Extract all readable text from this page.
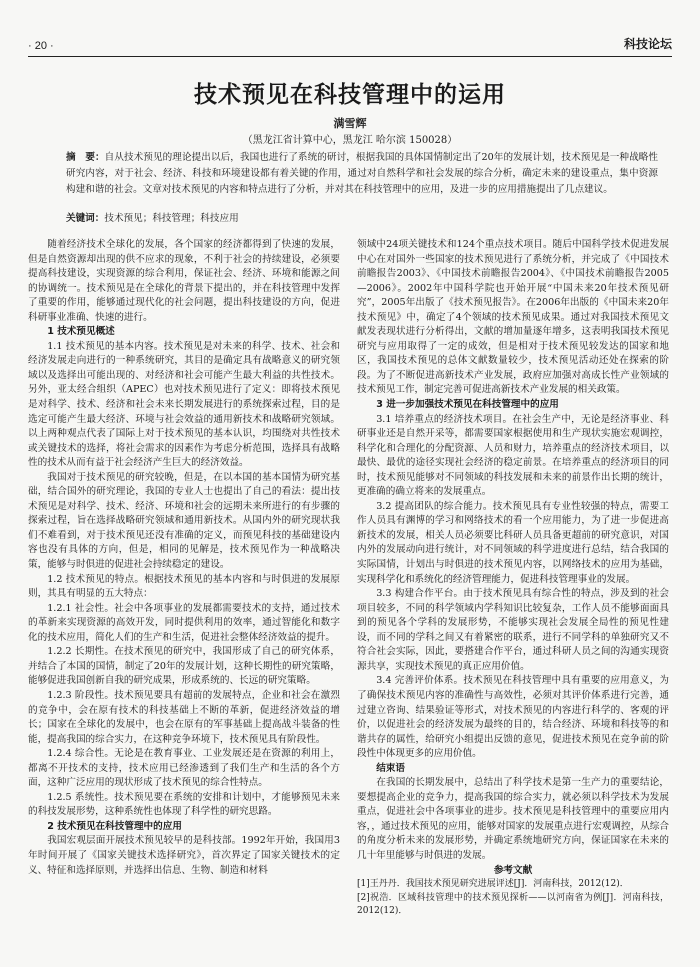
· 20 ·	科技论坛
技术预见在科技管理中的运用
满雪辉
（黑龙江省计算中心，黑龙江 哈尔滨 150028）
摘　要：自从技术预见的理论提出以后，我国也进行了系统的研讨，根据我国的具体国情制定出了20年的发展计划，技术预见是一种战略性研究内容，对于社会、经济、科技和环境建设都有着关键的作用，通过对自然科学和社会发展的综合分析，确定未来的建设重点，集中资源构建和谐的社会。文章对技术预见的内容和特点进行了分析，并对其在科技管理中的应用，及进一步的应用措施提出了几点建议。
关键词：技术预见；科技管理；科技应用

随着经济技术全球化的发展，各个国家的经济都得到了快速的发展，但是自然资源却出现的供不应求的现象，不利于社会的持续建设，必须要提高科技建设，实现资源的综合利用，保证社会、经济、环境和能源之间的协调统一。技术预见是在全球化的背景下提出的，并在科技管理中发挥了重要的作用，能够通过现代化的社会问题，提出科技建设的方向，促进科研事业准确、快速的进行。

1 技术预见概述

1.1 技术预见的基本内容。技术预见是对未来的科学、技术、社会和经济发展走向进行的一种系统研究，其目的是确定具有战略意义的研究领域以及选择出可能出现的、对经济和社会可能产生最大利益的共性技术。另外，亚太经合组织（APEC）也对技术预见进行了定义：即将技术预见是对科学、技术、经济和社会未来长期发展进行的系统探索过程，目的是选定可能产生最大经济、环境与社会效益的通用新技术和战略研究领域。以上两种观点代表了国际上对于技术预见的基本认识，均围绕对共性技术或关键技术的选择，将社会需求的因素作为考虑分析范围，选择具有战略性的技术从而有益于社会经济产生巨大的经济效益。

我国对于技术预见的研究较晚，但是，在以本国的基本国情为研究基础，结合国外的研究理论，我国的专业人士也提出了自己的看法：提出技术预见是对科学、技术、经济、环境和社会的远期未来所进行的有步骤的探索过程，旨在选择战略研究领域和通用新技术。从国内外的研究现状我们不难看到，对于技术预见还没有准确的定义，而预见科技的基础建设内容也没有具体的方向，但是，相同的见解是，技术预见作为一种战略决策，能够与时俱进的促进社会持续稳定的建设。

1.2 技术预见的特点。根据技术预见的基本内容和与时俱进的发展原则，其具有明显的五大特点：

1.2.1 社会性。社会中各项事业的发展都需要技术的支持，通过技术的革新来实现资源的高效开发，同时提供利用的效率，通过智能化和数字化的技术应用，简化人们的生产和生活，促进社会整体经济效益的提升。

1.2.2 长期性。在技术预见的研究中，我国形成了自己的研究体系，并结合了本国的国情，制定了20年的发展计划，这种长期性的研究策略，能够促进我国创新自我的研究成果，形成系统的、长远的研究策略。

1.2.3 阶段性。技术预见要具有超前的发展特点，企业和社会在激烈的竞争中，会在原有技术的科技基础上不断的革新，促进经济效益的增长；国家在全球化的发展中，也会在原有的军事基础上提高战斗装备的性能，提高我国的综合实力，在这种竞争环境下，技术预见具有阶段性。

1.2.4 综合性。无论是在教育事业、工业发展还是在资源的利用上，都离不开技术的支持，技术应用已经渗透到了我们生产和生活的各个方面，这种广泛应用的现状形成了技术预见的综合性特点。

1.2.5 系统性。技术预见要在系统的安排和计划中，才能够预见未来的科技发展形势，这种系统性也体现了科学性的研究思路。

2 技术预见在科技管理中的应用

我国宏观层面开展技术预见较早的是科技部。1992年开始，我国用3年时间开展了《国家关键技术选择研究》，首次界定了国家关键技术的定义、特征和选择原则，并选择出信息、生物、制造和材料

领域中24项关键技术和124个重点技术项目。随后中国科学技术促进发展中心在对国外一些国家的技术预见进行了系统分析，并完成了《中国技术前瞻报告2003》、《中国技术前瞻报告2004》、《中国技术前瞻报告2005—2006》。2002年中国科学院也开始开展“中国未来20年技术预见研究”，2005年出版了《技术预见报告》。在2006年出版的《中国未来20年技术预见》中，确定了4个领域的技术预见成果。通过对我国技术预见文献发表现状进行分析得出，文献的增加量逐年增多，这表明我国技术预见研究与应用取得了一定的成效，但是相对于技术预见较发达的国家和地区，我国技术预见的总体文献数量较少，技术预见活动还处在探索的阶段。为了不断促进高新技术产业发展，政府应加强对高成长性产业领域的技术预见工作，制定完善可促进高新技术产业发展的相关政策。

3 进一步加强技术预见在科技管理中的应用

3.1 培养重点的经济技术项目。在社会生产中，无论是经济事业、科研事业还是自然开采等，都需要国家根据使用和生产现状实施宏观调控，科学化和合理化的分配资源、人员和财力，培养重点的经济技术项目，以最快、最优的途径实现社会经济的稳定前景。在培养重点的经济项目的同时，技术预见能够对不同领域的科技发展和未来的前景作出长期的统计，更准确的确立将来的发展重点。

3.2 提高团队的综合能力。技术预见具有专业性较强的特点，需要工作人员具有渊博的学习和网络技术的看一个应用能力，为了进一步促进高新技术的发展，相关人员必须要比科研人员具备更超前的研究意识，对国内外的发展动向进行统计，对不同领域的科学进度进行总结，结合我国的实际国情，计划出与时俱进的技术预见内容，以网络技术的应用为基础，实现科学化和系统化的经济管理能力，促进科技管理事业的发展。

3.3 构建合作平台。由于技术预见具有综合性的特点，涉及到的社会项目较多，不同的科学领域内学科知识比较复杂，工作人员不能够面面具到的预见各个学科的发展形势，不能够实现社会发展全局性的预见性建设，而不同的学科之间又有着紧密的联系，进行不同学科的单独研究又不符合社会实际，因此，要搭建合作平台，通过科研人员之间的沟通实现资源共享，实现技术预见的真正应用价值。

3.4 完善评价体系。技术预见在科技管理中具有重要的应用意义，为了确保技术预见内容的准确性与高效性，必须对其评价体系进行完善，通过建立咨询、结果验证等形式，对技术预见的内容进行科学的、客观的评价，以促进社会的经济发展为最终的目的，结合经济、环境和科技等的和谐共存的属性，给研究小组提出反馈的意见，促进技术预见在竞争前的阶段性中体现更多的应用价值。

结束语

在我国的长期发展中，总结出了科学技术是第一生产力的重要结论，要想提高企业的竞争力，提高我国的综合实力，就必须以科学技术为发展重点，促进社会中各项事业的进步。技术预见是科技管理中的重要应用内容，，通过技术预见的应用，能够对国家的发展重点进行宏观调控，从综合的角度分析未来的发展形势，并确定系统地研究方向，保证国家在未来的几十年里能够与时俱进的发展。

参考文献

[1]王丹丹．我国技术预见研究进展评述[J]．河南科技，2012(12)．

[2]祝浩．区域科技管理中的技术预见探析——以河南省为例[J]．河南科技，2012(12)．
